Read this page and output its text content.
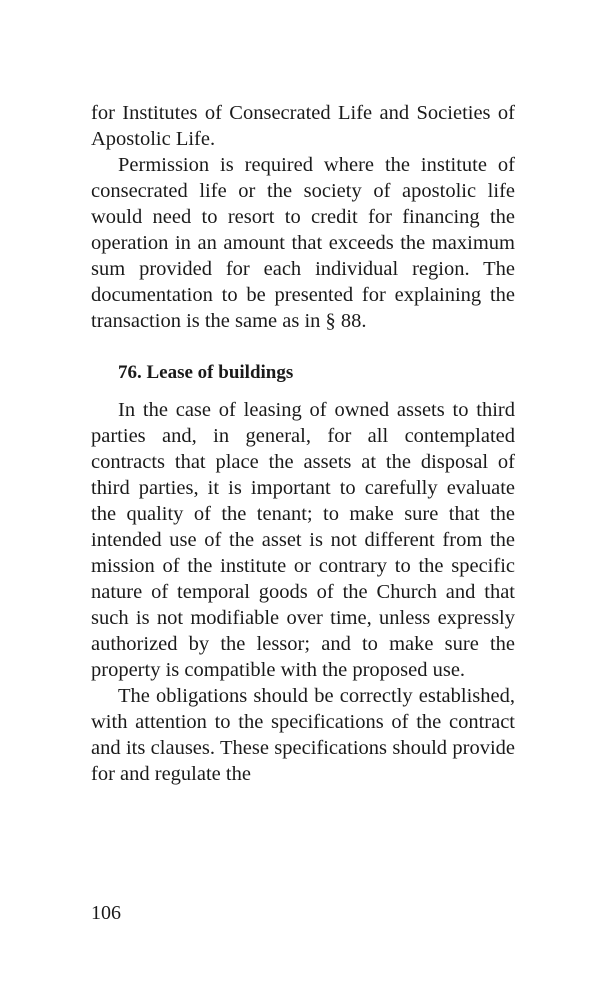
for Institutes of Consecrated Life and Societies of Apostolic Life.

Permission is required where the institute of consecrated life or the society of apostolic life would need to resort to credit for financing the operation in an amount that exceeds the maximum sum provided for each individual region. The documentation to be presented for explaining the transaction is the same as in § 88.

76. Lease of buildings

In the case of leasing of owned assets to third parties and, in general, for all contemplated contracts that place the assets at the disposal of third parties, it is important to carefully evaluate the quality of the tenant; to make sure that the intended use of the asset is not different from the mission of the institute or contrary to the specific nature of temporal goods of the Church and that such is not modifiable over time, unless expressly authorized by the lessor; and to make sure the property is compatible with the proposed use.

The obligations should be correctly established, with attention to the specifications of the contract and its clauses. These specifications should provide for and regulate the

106
